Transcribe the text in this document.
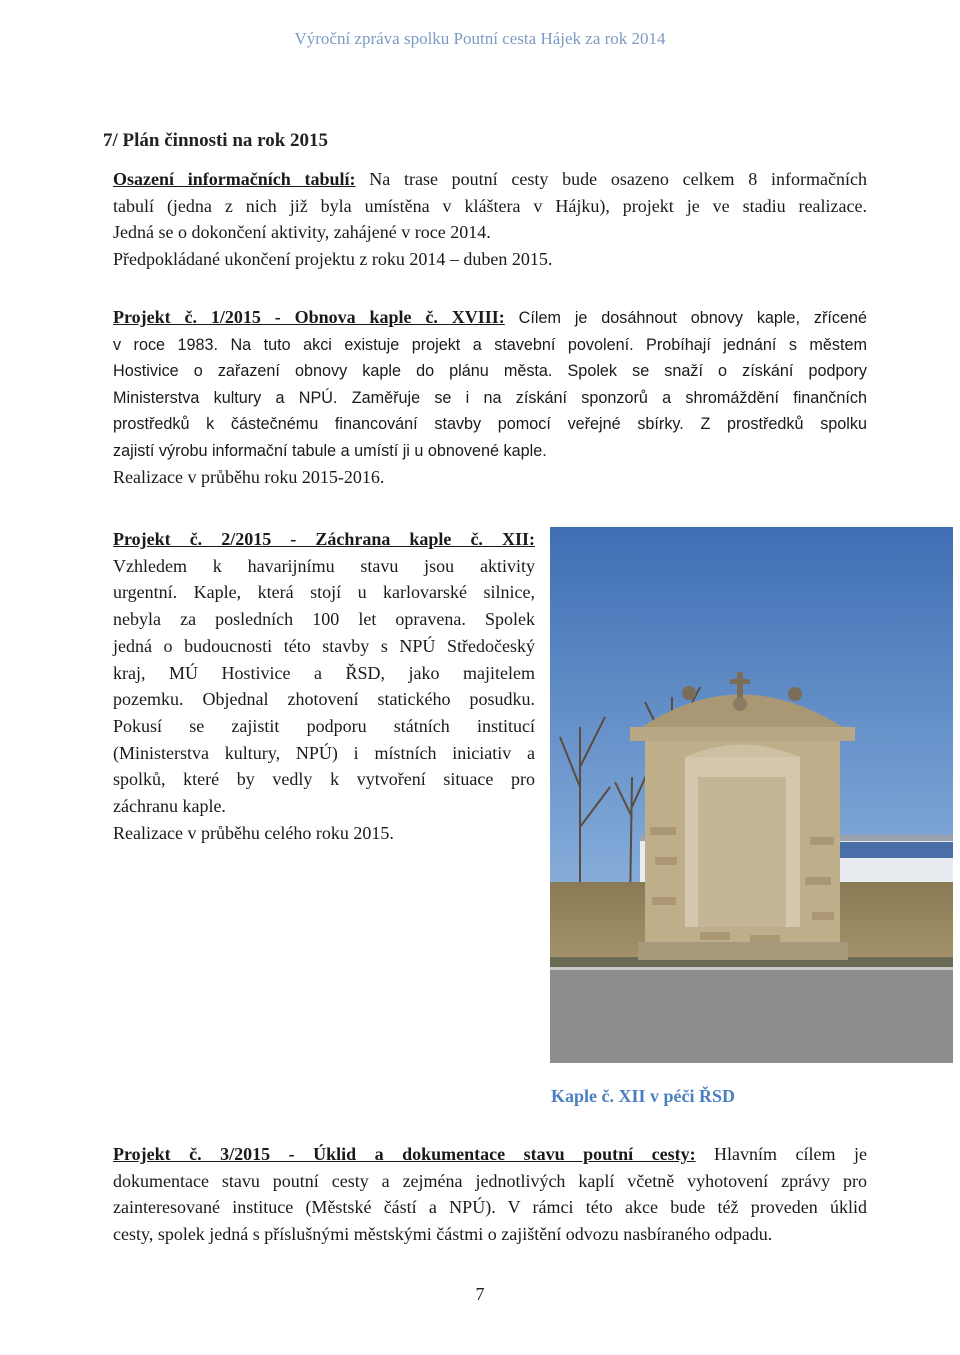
Výroční zpráva spolku Poutní cesta Hájek za rok 2014
7/ Plán činnosti na rok 2015

Osazení informačních tabulí: Na trase poutní cesty bude osazeno celkem 8 informačních

tabulí (jedna z nich již byla umístěna v klášterа v Hájku), projekt je ve stadiu realizace.

Jedná se o dokončení aktivity, zahájené v roce 2014.

Předpokládané ukončení projektu z roku 2014 – duben 2015.

Projekt č. 1/2015 - Obnova kaple č. XVIII: Cílem je dosáhnout obnovy kaple, zřícené

v roce 1983. Na tuto akci existuje projekt a stavební povolení. Probíhají jednání s městem

Hostivice o zařazení obnovy kaple do plánu města. Spolek se snaží o získání podpory

Ministerstva kultury a NPÚ. Zaměřuje se i na získání sponzorů a shromáždění finančních

prostředků k částečnému financování stavby pomocí veřejné sbírky. Z prostředků spolku

zajistí výrobu informační tabule a umístí ji u obnovené kaple.

Realizace v průběhu roku 2015-2016.

Projekt č. 2/2015 - Záchrana kaple č. XII:

Vzhledem k havarijnímu stavu jsou aktivity

urgentní. Kaple, která stojí u karlovarské silnice,

nebyla za posledních 100 let opravena. Spolek

jedná o budoucnosti této stavby s NPÚ Středočeský

kraj, MÚ Hostivice a ŘSD, jako majitelem

pozemku. Objednal zhotovení statického posudku.

Pokusí se zajistit podporu státních institucí

(Ministerstva kultury, NPÚ) i místních iniciativ a

spolků, které by vedly k vytvoření situace pro

záchranu kaple.

Realizace v průběhu celého roku 2015.

Kaple č. XII v péči ŘSD

Projekt č. 3/2015 - Úklid a dokumentace stavu poutní cesty: Hlavním cílem je

dokumentace stavu poutní cesty a zejména jednotlivých kaplí včetně vyhotovení zprávy pro

zainteresované instituce (Městské částí a NPÚ). V rámci této akce bude též proveden úklid

cesty, spolek jedná s příslušnými městskými částmi o zajištění odvozu nasbíraného odpadu.

7
